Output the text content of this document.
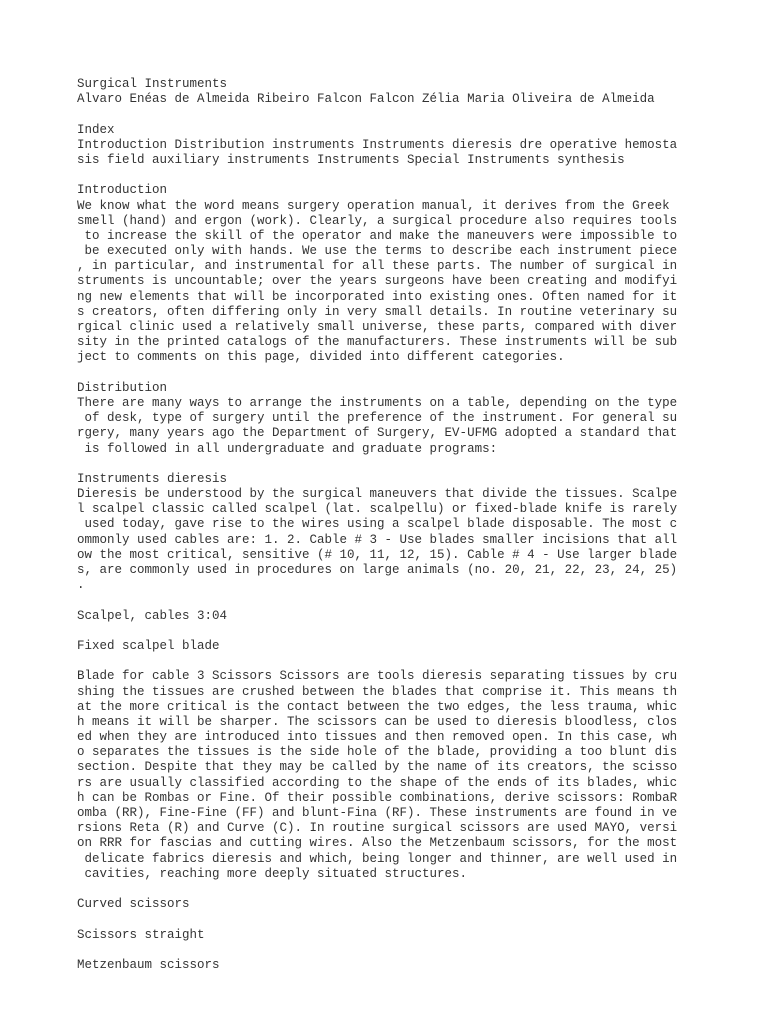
Surgical Instruments
Alvaro Enéas de Almeida Ribeiro Falcon Falcon Zélia Maria Oliveira de Almeida
Index
Introduction Distribution instruments Instruments dieresis dre operative hemosta
sis field auxiliary instruments Instruments Special Instruments synthesis
Introduction
We know what the word means surgery operation manual, it derives from the Greek
smell (hand) and ergon (work). Clearly, a surgical procedure also requires tools
to increase the skill of the operator and make the maneuvers were impossible to
be executed only with hands. We use the terms to describe each instrument piece
, in particular, and instrumental for all these parts. The number of surgical in
struments is uncountable; over the years surgeons have been creating and modifyi
ng new elements that will be incorporated into existing ones. Often named for it
s creators, often differing only in very small details. In routine veterinary su
rgical clinic used a relatively small universe, these parts, compared with diver
sity in the printed catalogs of the manufacturers. These instruments will be sub
ject to comments on this page, divided into different categories.
Distribution
There are many ways to arrange the instruments on a table, depending on the type
of desk, type of surgery until the preference of the instrument. For general su
rgery, many years ago the Department of Surgery, EV-UFMG adopted a standard that
is followed in all undergraduate and graduate programs:
Instruments dieresis
Dieresis be understood by the surgical maneuvers that divide the tissues. Scalpe
l scalpel classic called scalpel (lat. scalpellu) or fixed-blade knife is rarely
used today, gave rise to the wires using a scalpel blade disposable. The most c
ommonly used cables are: 1. 2. Cable # 3 - Use blades smaller incisions that all
ow the most critical, sensitive (# 10, 11, 12, 15). Cable # 4 - Use larger blade
s, are commonly used in procedures on large animals (no. 20, 21, 22, 23, 24, 25)
.
Scalpel, cables 3:04
Fixed scalpel blade
Blade for cable 3 Scissors Scissors are tools dieresis separating tissues by cru
shing the tissues are crushed between the blades that comprise it. This means th
at the more critical is the contact between the two edges, the less trauma, whic
h means it will be sharper. The scissors can be used to dieresis bloodless, clos
ed when they are introduced into tissues and then removed open. In this case, wh
o separates the tissues is the side hole of the blade, providing a too blunt dis
section. Despite that they may be called by the name of its creators, the scisso
rs are usually classified according to the shape of the ends of its blades, whic
h can be Rombas or Fine. Of their possible combinations, derive scissors: RombaR
omba (RR), Fine-Fine (FF) and blunt-Fina (RF). These instruments are found in ve
rsions Reta (R) and Curve (C). In routine surgical scissors are used MAYO, versi
on RRR for fascias and cutting wires. Also the Metzenbaum scissors, for the most
delicate fabrics dieresis and which, being longer and thinner, are well used in
cavities, reaching more deeply situated structures.
Curved scissors
Scissors straight
Metzenbaum scissors
